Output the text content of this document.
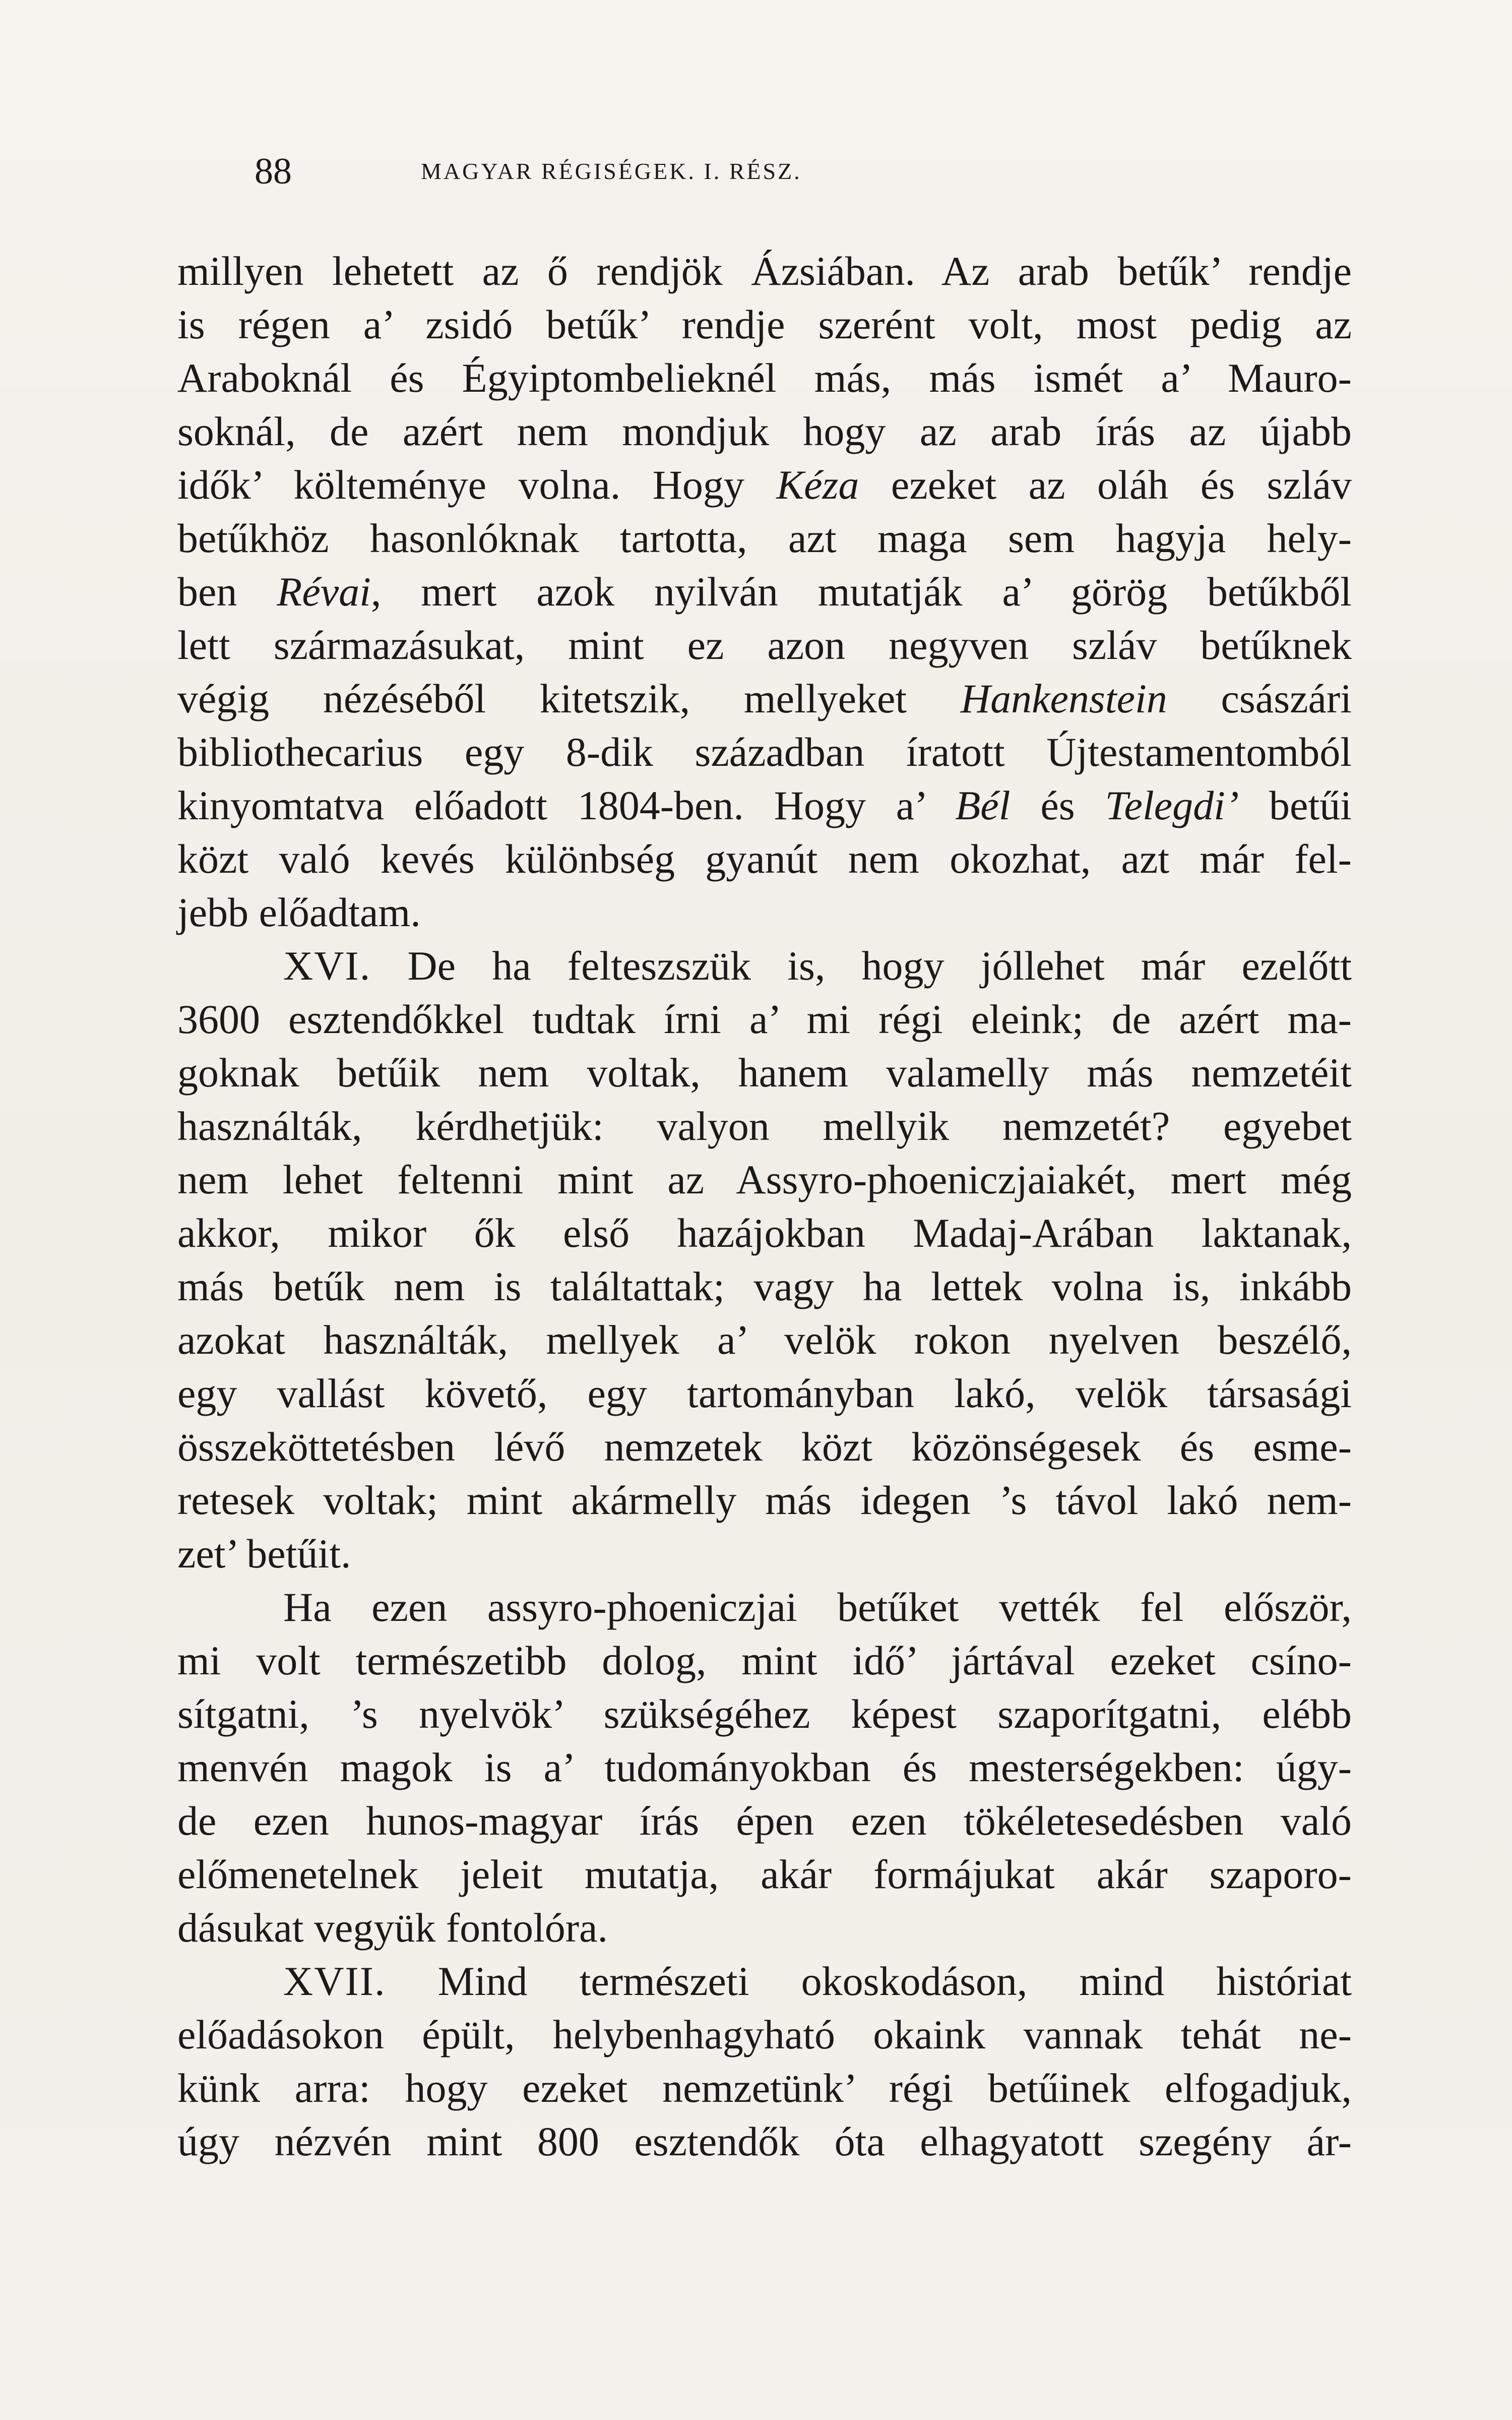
88	MAGYAR RÉGISÉGEK. I. RÉSZ.
millyen lehetett az ő rendjök Ázsiában. Az arab betűk’ rendje
is régen a’ zsidó betűk’ rendje szerént volt, most pedig az
Araboknál és Égyiptombelieknél más, más ismét a’ Mauro-
soknál, de azért nem mondjuk hogy az arab írás az újabb
idők’ költeménye volna. Hogy Kéza ezeket az oláh és szláv
betűkhöz hasonlóknak tartotta, azt maga sem hagyja hely-
ben Révai, mert azok nyilván mutatják a’ görög betűkből
lett származásukat, mint ez azon negyven szláv betűknek
végig nézéséből kitetszik, mellyeket Hankenstein császári
bibliothecarius egy 8-dik században íratott Újtestamentomból
kinyomtatva előadott 1804-ben. Hogy a’ Bél és Telegdi’ betűi
közt való kevés különbség gyanút nem okozhat, azt már fel-
jebb előadtam.
XVI. De ha felteszszük is, hogy jóllehet már ezelőtt
3600 esztendőkkel tudtak írni a’ mi régi eleink; de azért ma-
goknak betűik nem voltak, hanem valamelly más nemzetéit
használták, kérdhetjük: valyon mellyik nemzetét? egyebet
nem lehet feltenni mint az Assyro-phoeniczjaiakét, mert még
akkor, mikor ők első hazájokban Madaj-Arában laktanak,
más betűk nem is találtattak; vagy ha lettek volna is, inkább
azokat használták, mellyek a’ velök rokon nyelven beszélő,
egy vallást követő, egy tartományban lakó, velök társasági
összeköttetésben lévő nemzetek közt közönségesek és esme-
retesek voltak; mint akármelly más idegen ’s távol lakó nem-
zet’ betűit.
Ha ezen assyro-phoeniczjai betűket vették fel először,
mi volt természetibb dolog, mint idő’ jártával ezeket csíno-
sítgatni, ’s nyelvök’ szükségéhez képest szaporítgatni, elébb
menvén magok is a’ tudományokban és mesterségekben: úgy-
de ezen hunos-magyar írás épen ezen tökéletesedésben való
előmenetelnek jeleit mutatja, akár formájukat akár szaporo-
dásukat vegyük fontolóra.
XVII. Mind természeti okoskodáson, mind históriat
előadásokon épült, helybenhagyható okaink vannak tehát ne-
künk arra: hogy ezeket nemzetünk’ régi betűinek elfogadjuk,
úgy nézvén mint 800 esztendők óta elhagyatott szegény ár-
